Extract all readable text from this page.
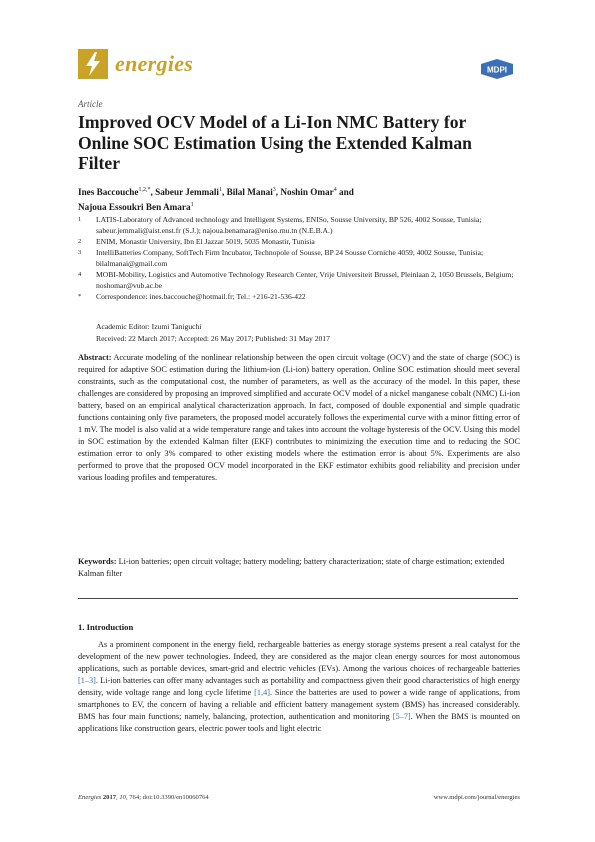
energies	MDPI
Article
Improved OCV Model of a Li-Ion NMC Battery for Online SOC Estimation Using the Extended Kalman Filter
Ines Baccouche$^{1,2,*}$, Sabeur Jemmali$^1$, Bilal Manai$^3$, Noshin Omar$^4$ and
Najoua Essoukri Ben Amara$^1$
1 LATIS-Laboratory of Advanced technology and Intelligent Systems, ENISo, Sousse University, BP 526, 4002 Sousse, Tunisia; sabeur.jemmali@aist.enst.fr (S.J.); najoua.benamara@eniso.rnu.tn (N.E.B.A.)
2 ENIM, Monastir University, Ibn El Jazzar 5019, 5035 Monastir, Tunisia
3 IntelliBatteries Company, SoftTech Firm Incubator, Technopole of Sousse, BP 24 Sousse Corniche 4059, 4002 Sousse, Tunisia; bilalmanai@gmail.com
4 MOBI-Mobility, Logistics and Automotive Technology Research Center, Vrije Universiteit Brussel, Pleinlaan 2, 1050 Brussels, Belgium; noshomar@vub.ac.be
* Correspondence: ines.baccouche@hotmail.fr; Tel.: +216-21-536-422
Academic Editor: Izumi Taniguchi
Received: 22 March 2017; Accepted: 26 May 2017; Published: 31 May 2017
Abstract: Accurate modeling of the nonlinear relationship between the open circuit voltage (OCV) and the state of charge (SOC) is required for adaptive SOC estimation during the lithium-ion (Li-ion) battery operation. Online SOC estimation should meet several constraints, such as the computational cost, the number of parameters, as well as the accuracy of the model. In this paper, these challenges are considered by proposing an improved simplified and accurate OCV model of a nickel manganese cobalt (NMC) Li-ion battery, based on an empirical analytical characterization approach. In fact, composed of double exponential and simple quadratic functions containing only five parameters, the proposed model accurately follows the experimental curve with a minor fitting error of 1 mV. The model is also valid at a wide temperature range and takes into account the voltage hysteresis of the OCV. Using this model in SOC estimation by the extended Kalman filter (EKF) contributes to minimizing the execution time and to reducing the SOC estimation error to only 3% compared to other existing models where the estimation error is about 5%. Experiments are also performed to prove that the proposed OCV model incorporated in the EKF estimator exhibits good reliability and precision under various loading profiles and temperatures.
Keywords: Li-ion batteries; open circuit voltage; battery modeling; battery characterization; state of charge estimation; extended Kalman filter
1. Introduction

As a prominent component in the energy field, rechargeable batteries as energy storage systems present a real catalyst for the development of the new power technologies. Indeed, they are considered as the major clean energy sources for most autonomous applications, such as portable devices, smart-grid and electric vehicles (EVs). Among the various choices of rechargeable batteries [1–3]. Li-ion batteries can offer many advantages such as portability and compactness given their good characteristics of high energy density, wide voltage range and long cycle lifetime [1,4]. Since the batteries are used to power a wide range of applications, from smartphones to EV, the concern of having a reliable and efficient battery management system (BMS) has increased considerably. BMS has four main functions; namely, balancing, protection, authentication and monitoring [5–7]. When the BMS is mounted on applications like construction gears, electric power tools and light electric

Energies 2017, 10, 764; doi:10.3390/en10060764	www.mdpi.com/journal/energies
